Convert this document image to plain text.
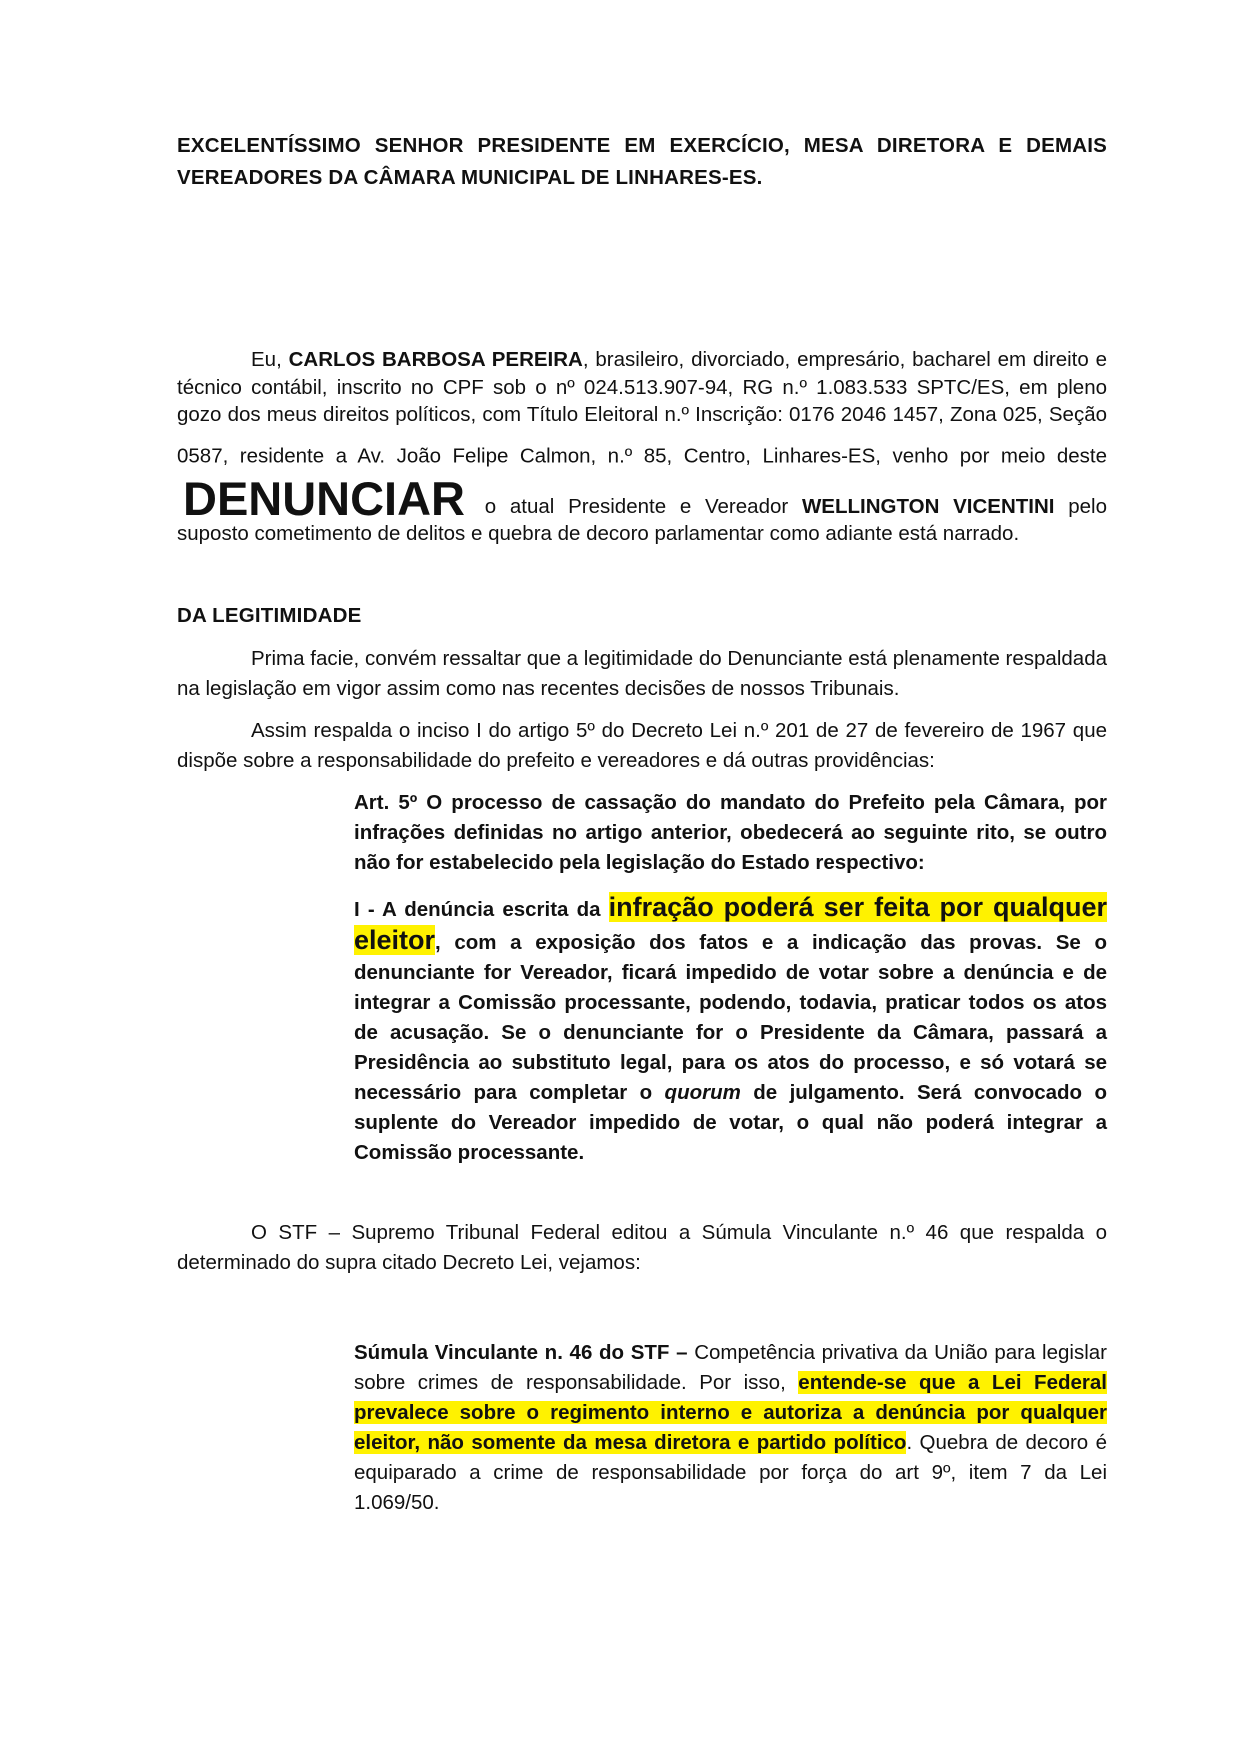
EXCELENTÍSSIMO SENHOR PRESIDENTE EM EXERCÍCIO, MESA DIRETORA E DEMAIS VEREADORES DA CÂMARA MUNICIPAL DE LINHARES-ES.

Eu, CARLOS BARBOSA PEREIRA, brasileiro, divorciado, empresário, bacharel em direito e técnico contábil, inscrito no CPF sob o nº 024.513.907-94, RG n.º 1.083.533 SPTC/ES, em pleno gozo dos meus direitos políticos, com Título Eleitoral n.º Inscrição: 0176 2046 1457, Zona 025, Seção 0587, residente a Av. João Felipe Calmon, n.º 85, Centro, Linhares-ES, venho por meio desteDENUNCIAR o atual Presidente e Vereador WELLINGTON VICENTINI pelo suposto cometimento de delitos e quebra de decoro parlamentar como adiante está narrado.

DA LEGITIMIDADE

Prima facie, convém ressaltar que a legitimidade do Denunciante está plenamente respaldada na legislação em vigor assim como nas recentes decisões de nossos Tribunais.

Assim respalda o inciso I do artigo 5º do Decreto Lei n.º 201 de 27 de fevereiro de 1967 que dispõe sobre a responsabilidade do prefeito e vereadores e dá outras providências:

Art. 5º O processo de cassação do mandato do Prefeito pela Câmara, por infrações definidas no artigo anterior, obedecerá ao seguinte rito, se outro não for estabelecido pela legislação do Estado respectivo:

I - A denúncia escrita da infração poderá ser feita por qualquer eleitor, com a exposição dos fatos e a indicação das provas. Se o denunciante for Vereador, ficará impedido de votar sobre a denúncia e de integrar a Comissão processante, podendo, todavia, praticar todos os atos de acusação. Se o denunciante for o Presidente da Câmara, passará a Presidência ao substituto legal, para os atos do processo, e só votará se necessário para completar o quorum de julgamento. Será convocado o suplente do Vereador impedido de votar, o qual não poderá integrar a Comissão processante.

O STF – Supremo Tribunal Federal editou a Súmula Vinculante n.º 46 que respalda o determinado do supra citado Decreto Lei, vejamos:

Súmula Vinculante n. 46 do STF – Competência privativa da União para legislar sobre crimes de responsabilidade. Por isso, entende-se que a Lei Federal prevalece sobre o regimento interno e autoriza a denúncia por qualquer eleitor, não somente da mesa diretora e partido político. Quebra de decoro é equiparado a crime de responsabilidade por força do art 9º, item 7 da Lei 1.069/50.
